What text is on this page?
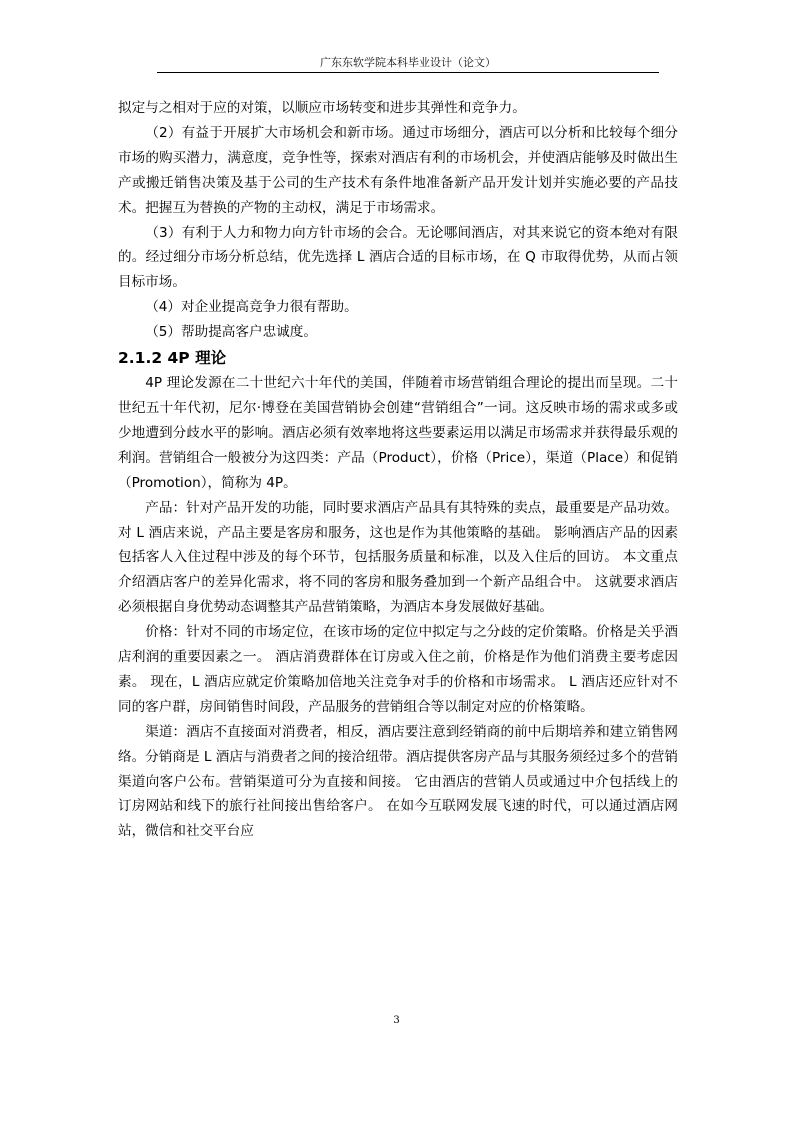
广东东软学院本科毕业设计（论文）

拟定与之相对于应的对策，以顺应市场转变和进步其弹性和竞争力。

（2）有益于开展扩大市场机会和新市场。通过市场细分，酒店可以分析和比较每个细分市场的购买潜力，满意度，竞争性等，探索对酒店有利的市场机会，并使酒店能够及时做出生产或搬迁销售决策及基于公司的生产技术有条件地准备新产品开发计划并实施必要的产品技术。把握互为替换的产物的主动权，满足于市场需求。

（3）有利于人力和物力向方针市场的会合。无论哪间酒店，对其来说它的资本绝对有限的。经过细分市场分析总结，优先选择 L 酒店合适的目标市场，在 Q 市取得优势，从而占领目标市场。

（4）对企业提高竞争力很有帮助。

（5）帮助提高客户忠诚度。

2.1.2 4P 理论

4P 理论发源在二十世纪六十年代的美国，伴随着市场营销组合理论的提出而呈现。二十世纪五十年代初，尼尔·博登在美国营销协会创建“营销组合”一词。这反映市场的需求或多或少地遭到分歧水平的影响。酒店必须有效率地将这些要素运用以满足市场需求并获得最乐观的利润。营销组合一般被分为这四类：产品（Product），价格（Price），渠道（Place）和促销（Promotion），简称为 4P。

产品：针对产品开发的功能，同时要求酒店产品具有其特殊的卖点，最重要是产品功效。 对 L 酒店来说，产品主要是客房和服务，这也是作为其他策略的基础。 影响酒店产品的因素包括客人入住过程中涉及的每个环节，包括服务质量和标准，以及入住后的回访。 本文重点介绍酒店客户的差异化需求，将不同的客房和服务叠加到一个新产品组合中。 这就要求酒店必须根据自身优势动态调整其产品营销策略，为酒店本身发展做好基础。

价格：针对不同的市场定位，在该市场的定位中拟定与之分歧的定价策略。价格是关乎酒店利润的重要因素之一。 酒店消费群体在订房或入住之前，价格是作为他们消费主要考虑因素。 现在，L 酒店应就定价策略加倍地关注竞争对手的价格和市场需求。 L 酒店还应针对不同的客户群，房间销售时间段，产品服务的营销组合等以制定对应的价格策略。

渠道：酒店不直接面对消费者，相反，酒店要注意到经销商的前中后期培养和建立销售网络。分销商是 L 酒店与消费者之间的接洽纽带。酒店提供客房产品与其服务须经过多个的营销渠道向客户公布。营销渠道可分为直接和间接。 它由酒店的营销人员或通过中介包括线上的订房网站和线下的旅行社间接出售给客户。 在如今互联网发展飞速的时代，可以通过酒店网站，微信和社交平台应

3
